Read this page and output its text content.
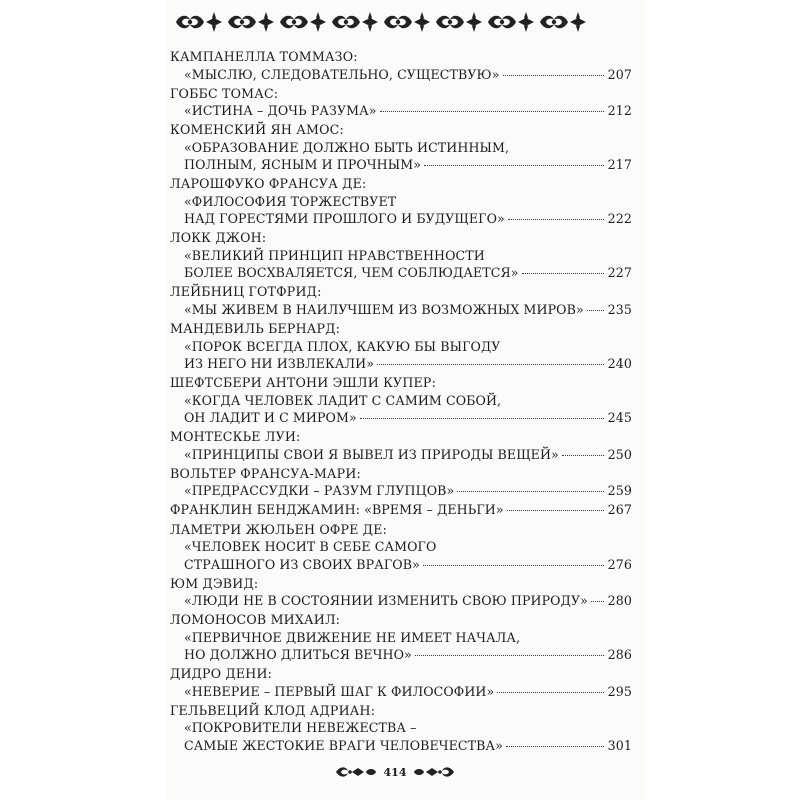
КАМПАНЕЛЛА ТОММАЗО:
«МЫСЛЮ, СЛЕДОВАТЕЛЬНО, СУЩЕСТВУЮ»	207
ГОББС ТОМАС:
«ИСТИНА – ДОЧЬ РАЗУМА»	212
КОМЕНСКИЙ ЯН АМОС:
«ОБРАЗОВАНИЕ ДОЛЖНО БЫТЬ ИСТИННЫМ,
ПОЛНЫМ, ЯСНЫМ И ПРОЧНЫМ»	217
ЛАРОШФУКО ФРАНСУА ДЕ:
«ФИЛОСОФИЯ ТОРЖЕСТВУЕТ
НАД ГОРЕСТЯМИ ПРОШЛОГО И БУДУЩЕГО»	222
ЛОКК ДЖОН:
«ВЕЛИКИЙ ПРИНЦИП НРАВСТВЕННОСТИ
БОЛЕЕ ВОСХВАЛЯЕТСЯ, ЧЕМ СОБЛЮДАЕТСЯ»	227
ЛЕЙБНИЦ ГОТФРИД:
«МЫ ЖИВЕМ В НАИЛУЧШЕМ ИЗ ВОЗМОЖНЫХ МИРОВ» 235
МАНДЕВИЛЬ БЕРНАРД:
«ПОРОК ВСЕГДА ПЛОХ, КАКУЮ БЫ ВЫГОДУ
ИЗ НЕГО НИ ИЗВЛЕКАЛИ»	240
ШЕФТСБЕРИ АНТОНИ ЭШЛИ КУПЕР:
«КОГДА ЧЕЛОВЕК ЛАДИТ С САМИМ СОБОЙ,
ОН ЛАДИТ И С МИРОМ»	245
МОНТЕСКЬЕ ЛУИ:
«ПРИНЦИПЫ СВОИ Я ВЫВЕЛ ИЗ ПРИРОДЫ ВЕЩЕЙ»	250
ВОЛЬТЕР ФРАНСУА-МАРИ:
«ПРЕДРАССУДКИ – РАЗУМ ГЛУПЦОВ»	259
ФРАНКЛИН БЕНДЖАМИН: «ВРЕМЯ – ДЕНЬГИ»	267
ЛАМЕТРИ ЖЮЛЬЕН ОФРЕ ДЕ:
«ЧЕЛОВЕК НОСИТ В СЕБЕ САМОГО
СТРАШНОГО ИЗ СВОИХ ВРАГОВ»	276
ЮМ ДЭВИД:
«ЛЮДИ НЕ В СОСТОЯНИИ ИЗМЕНИТЬ СВОЮ ПРИРОДУ» 280
ЛОМОНОСОВ МИХАИЛ:
«ПЕРВИЧНОЕ ДВИЖЕНИЕ НЕ ИМЕЕТ НАЧАЛА,
НО ДОЛЖНО ДЛИТЬСЯ ВЕЧНО»	286
ДИДРО ДЕНИ:
«НЕВЕРИЕ – ПЕРВЫЙ ШАГ К ФИЛОСОФИИ»	295
ГЕЛЬВЕЦИЙ КЛОД АДРИАН:
«ПОКРОВИТЕЛИ НЕВЕЖЕСТВА –
САМЫЕ ЖЕСТОКИЕ ВРАГИ ЧЕЛОВЕЧЕСТВА»	301
414
